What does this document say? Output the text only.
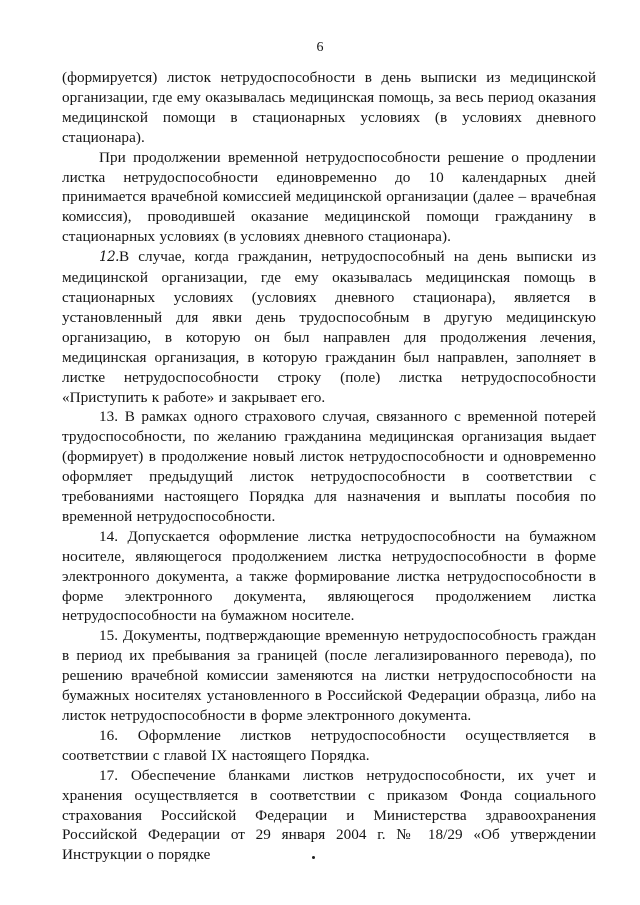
6

(формируется) листок нетрудоспособности в день выписки из медицинской организации, где ему оказывалась медицинская помощь, за весь период оказания медицинской помощи в стационарных условиях (в условиях дневного стационара).

При продолжении временной нетрудоспособности решение о продлении листка нетрудоспособности единовременно до 10 календарных дней принимается врачебной комиссией медицинской организации (далее – врачебная комиссия), проводившей оказание медицинской помощи гражданину в стационарных условиях (в условиях дневного стационара).

12.В случае, когда гражданин, нетрудоспособный на день выписки из медицинской организации, где ему оказывалась медицинская помощь в стационарных условиях (условиях дневного стационара), является в установленный для явки день трудоспособным в другую медицинскую организацию, в которую он был направлен для продолжения лечения, медицинская организация, в которую гражданин был направлен, заполняет в листке нетрудоспособности строку (поле) листка нетрудоспособности «Приступить к работе» и закрывает его.

13. В рамках одного страхового случая, связанного с временной потерей трудоспособности, по желанию гражданина медицинская организация выдает (формирует) в продолжение новый листок нетрудоспособности и одновременно оформляет предыдущий листок нетрудоспособности в соответствии с требованиями настоящего Порядка для назначения и выплаты пособия по временной нетрудоспособности.

14. Допускается оформление листка нетрудоспособности на бумажном носителе, являющегося продолжением листка нетрудоспособности в форме электронного документа, а также формирование листка нетрудоспособности в форме электронного документа, являющегося продолжением листка нетрудоспособности на бумажном носителе.

15. Документы, подтверждающие временную нетрудоспособность граждан в период их пребывания за границей (после легализированного перевода), по решению врачебной комиссии заменяются на листки нетрудоспособности на бумажных носителях установленного в Российской Федерации образца, либо на листок нетрудоспособности в форме электронного документа.

16. Оформление листков нетрудоспособности осуществляется в соответствии с главой IX настоящего Порядка.

17. Обеспечение бланками листков нетрудоспособности, их учет и хранения осуществляется в соответствии с приказом Фонда социального страхования Российской Федерации и Министерства здравоохранения Российской Федерации от 29 января 2004 г. № 18/29 «Об утверждении Инструкции о порядке
